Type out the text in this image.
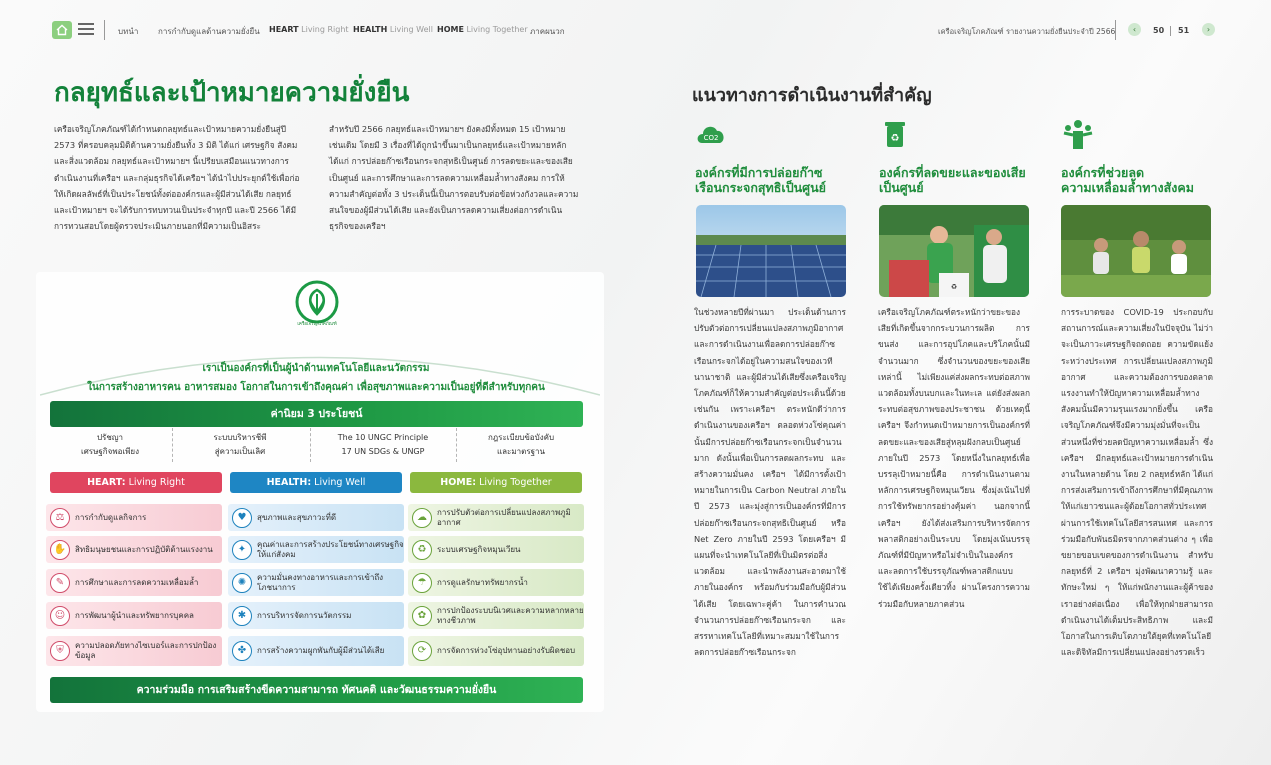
บทนำ การกำกับดูแลด้านความยั่งยืน HEART Living Right HEALTH Living Well HOME Living Together ภาคผนวก	เครือเจริญโภคภัณฑ์ รายงานความยั่งยืนประจำปี 2566 ‹ 50 51 ›
กลยุทธ์และเป้าหมายความยั่งยืน
เครือเจริญโภคภัณฑ์ได้กำหนดกลยุทธ์และเป้าหมายความยั่งยืนสู่ปี 2573 ที่ครอบคลุมมิติด้านความยั่งยืนทั้ง 3 มิติ ได้แก่ เศรษฐกิจ สังคม และสิ่งแวดล้อม กลยุทธ์และเป้าหมายฯ นี้เปรียบเสมือนแนวทางการดำเนินงานที่เครือฯ และกลุ่มธุรกิจได้เครือฯ ได้นำไปประยุกต์ใช้เพื่อก่อให้เกิดผลลัพธ์ที่เป็นประโยชน์ทั้งต่อองค์กรและผู้มีส่วนได้เสีย กลยุทธ์และเป้าหมายฯ จะได้รับการทบทวนเป็นประจำทุกปี และปี 2566 ได้มีการทวนสอบโดยผู้ตรวจประเมินภายนอกที่มีความเป็นอิสระ
สำหรับปี 2566 กลยุทธ์และเป้าหมายฯ ยังคงมีทั้งหมด 15 เป้าหมาย เช่นเดิม โดยมี 3 เรื่องที่ได้ถูกนำขึ้นมาเป็นกลยุทธ์และเป้าหมายหลัก ได้แก่ การปล่อยก๊าซเรือนกระจกสุทธิเป็นศูนย์ การลดขยะและของเสียเป็นศูนย์ และการศึกษาและการลดความเหลื่อมล้ำทางสังคม การให้ความสำคัญต่อทั้ง 3 ประเด็นนี้เป็นการตอบรับต่อข้อห่วงกังวลและความสนใจของผู้มีส่วนได้เสีย และยังเป็นการลดความเสี่ยงต่อการดำเนินธุรกิจของเครือฯ
เครือเจริญโภคภัณฑ์
เราเป็นองค์กรที่เป็นผู้นำด้านเทคโนโลยีและนวัตกรรม
ในการสร้างอาหารคน อาหารสมอง โอกาสในการเข้าถึงคุณค่า เพื่อสุขภาพและความเป็นอยู่ที่ดีสำหรับทุกคน
ค่านิยม 3 ประโยชน์
ปรัชญา
เศรษฐกิจพอเพียง
ระบบบริหารชีพี
สู่ความเป็นเลิศ
The 10 UNGC Principle
17 UN SDGs & UNGP
กฎระเบียบข้อบังคับ
และมาตรฐาน
HEART: Living Right	HEALTH: Living Well	HOME: Living Together
⚖	การกำกับดูแลกิจการ
✋	สิทธิมนุษยชนและการปฏิบัติด้านแรงงาน
✎	การศึกษาและการลดความเหลื่อมล้ำ
☺	การพัฒนาผู้นำและทรัพยากรบุคคล
⛨	ความปลอดภัยทางไซเบอร์และการปกป้องข้อมูล
♥	สุขภาพและสุขภาวะที่ดี
✦	คุณค่าและการสร้างประโยชน์ทางเศรษฐกิจให้แก่สังคม
✺	ความมั่นคงทางอาหารและการเข้าถึงโภชนาการ
✱	การบริหารจัดการนวัตกรรม
✤	การสร้างความผูกพันกับผู้มีส่วนได้เสีย
☁	การปรับตัวต่อการเปลี่ยนแปลงสภาพภูมิอากาศ
♻	ระบบเศรษฐกิจหมุนเวียน
☂	การดูแลรักษาทรัพยากรน้ำ
✿	การปกป้องระบบนิเวศและความหลากหลายทางชีวภาพ
⟳	การจัดการห่วงโซ่อุปทานอย่างรับผิดชอบ
ความร่วมมือ การเสริมสร้างขีดความสามารถ ทัศนคติ และวัฒนธรรมความยั่งยืน
แนวทางการดำเนินงานที่สำคัญ
CO2
องค์กรที่มีการปล่อยก๊าซ
เรือนกระจกสุทธิเป็นศูนย์
ในช่วงหลายปีที่ผ่านมา ประเด็นด้านการปรับตัวต่อการเปลี่ยนแปลงสภาพภูมิอากาศ และการดำเนินงานเพื่อลดการปล่อยก๊าซเรือนกระจกได้อยู่ในความสนใจของเวทีนานาชาติ และผู้มีส่วนได้เสียซึ่งเครือเจริญโภคภัณฑ์ก็ให้ความสำคัญต่อประเด็นนี้ด้วยเช่นกัน เพราะเครือฯ ตระหนักดีว่าการดำเนินงานของเครือฯ ตลอดห่วงโซ่คุณค่านั้นมีการปล่อยก๊าซเรือนกระจกเป็นจำนวนมาก ดังนั้นเพื่อเป็นการลดผลกระทบ และสร้างความมั่นคง เครือฯ ได้มีการตั้งเป้าหมายในการเป็น Carbon Neutral ภายในปี 2573 และมุ่งสู่การเป็นองค์กรที่มีการปล่อยก๊าซเรือนกระจกสุทธิเป็นศูนย์ หรือ Net Zero ภายในปี 2593 โดยเครือฯ มีแผนที่จะนำเทคโนโลยีที่เป็นมิตรต่อสิ่งแวดล้อม และนำพลังงานสะอาดมาใช้ภายในองค์กร พร้อมกับร่วมมือกับผู้มีส่วนได้เสีย โดยเฉพาะคู่ค้า ในการคำนวณจำนวนการปล่อยก๊าซเรือนกระจก และสรรหาเทคโนโลยีที่เหมาะสมมาใช้ในการลดการปล่อยก๊าซเรือนกระจก
♻
องค์กรที่ลดขยะและของเสีย
เป็นศูนย์
♻
เครือเจริญโภคภัณฑ์ตระหนักว่าขยะของเสียที่เกิดขึ้นจากกระบวนการผลิต การขนส่ง และการอุปโภคและบริโภคนั้นมีจำนวนมาก ซึ่งจำนวนของขยะของเสียเหล่านี้ ไม่เพียงแค่ส่งผลกระทบต่อสภาพแวดล้อมทั้งบนบกและในทะเล แต่ยังส่งผลกระทบต่อสุขภาพของประชาชน ด้วยเหตุนี้ เครือฯ จึงกำหนดเป้าหมายการเป็นองค์กรที่ลดขยะและของเสียสู่หลุมฝังกลบเป็นศูนย์ ภายในปี 2573 โดยหนึ่งในกลยุทธ์เพื่อบรรลุเป้าหมายนี้คือ การดำเนินงานตามหลักการเศรษฐกิจหมุนเวียน ซึ่งมุ่งเน้นไปที่การใช้ทรัพยากรอย่างคุ้มค่า นอกจากนี้เครือฯ ยังได้ส่งเสริมการบริหารจัดการพลาสติกอย่างเป็นระบบ โดยมุ่งเน้นบรรจุภัณฑ์ที่มีปัญหาหรือไม่จำเป็นในองค์กร และลดการใช้บรรจุภัณฑ์พลาสติกแบบใช้ได้เพียงครั้งเดียวทิ้ง ผ่านโครงการความร่วมมือกับหลายภาคส่วน
องค์กรที่ช่วยลด
ความเหลื่อมล้ำทางสังคม
การระบาดของ COVID-19 ประกอบกับสถานการณ์และความเสี่ยงในปัจจุบัน ไม่ว่าจะเป็นภาวะเศรษฐกิจถดถอย ความขัดแย้งระหว่างประเทศ การเปลี่ยนแปลงสภาพภูมิอากาศ และความต้องการของตลาดแรงงานทำให้ปัญหาความเหลื่อมล้ำทางสังคมนั้นมีความรุนแรงมากยิ่งขึ้น เครือเจริญโภคภัณฑ์จึงมีความมุ่งมั่นที่จะเป็นส่วนหนึ่งที่ช่วยลดปัญหาความเหลื่อมล้ำ ซึ่งเครือฯ มีกลยุทธ์และเป้าหมายการดำเนินงานในหลายด้าน โดย 2 กลยุทธ์หลัก ได้แก่ การส่งเสริมการเข้าถึงการศึกษาที่มีคุณภาพให้แก่เยาวชนและผู้ด้อยโอกาสทั่วประเทศผ่านการใช้เทคโนโลยีสารสนเทศ และการร่วมมือกับพันธมิตรจากภาคส่วนต่าง ๆ เพื่อขยายขอบเขตของการดำเนินงาน สำหรับกลยุทธ์ที่ 2 เครือฯ มุ่งพัฒนาความรู้ และทักษะใหม่ ๆ ให้แก่พนักงานและผู้ค้าของเราอย่างต่อเนื่อง เพื่อให้ทุกฝ่ายสามารถดำเนินงานได้เต็มประสิทธิภาพ และมีโอกาสในการเติบโตภายใต้ยุคที่เทคโนโลยีและดิจิทัลมีการเปลี่ยนแปลงอย่างรวดเร็ว
